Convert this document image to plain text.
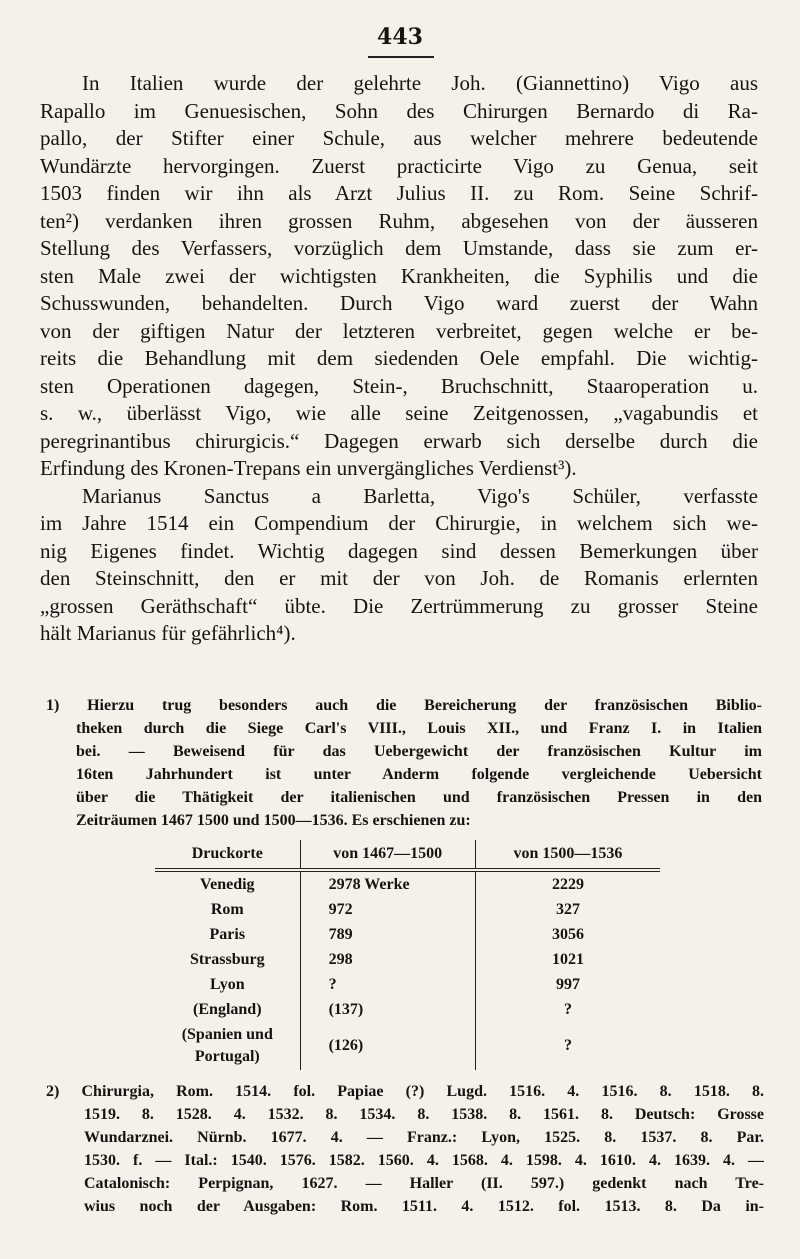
443
In Italien wurde der gelehrte Joh. (Giannettino) Vigo aus
Rapallo im Genuesischen, Sohn des Chirurgen Bernardo di Ra-
pallo, der Stifter einer Schule, aus welcher mehrere bedeutende
Wundärzte hervorgingen. Zuerst practicirte Vigo zu Genua, seit
1503 finden wir ihn als Arzt Julius II. zu Rom. Seine Schrif-
ten²) verdanken ihren grossen Ruhm, abgesehen von der äusseren
Stellung des Verfassers, vorzüglich dem Umstande, dass sie zum er-
sten Male zwei der wichtigsten Krankheiten, die Syphilis und die
Schusswunden, behandelten. Durch Vigo ward zuerst der Wahn
von der giftigen Natur der letzteren verbreitet, gegen welche er be-
reits die Behandlung mit dem siedenden Oele empfahl. Die wichtig-
sten Operationen dagegen, Stein-, Bruchschnitt, Staaroperation u.
s. w., überlässt Vigo, wie alle seine Zeitgenossen, „vagabundis et
peregrinantibus chirurgicis.“ Dagegen erwarb sich derselbe durch die
Erfindung des Kronen-Trepans ein unvergängliches Verdienst³).
Marianus Sanctus a Barletta, Vigo's Schüler, verfasste
im Jahre 1514 ein Compendium der Chirurgie, in welchem sich we-
nig Eigenes findet. Wichtig dagegen sind dessen Bemerkungen über
den Steinschnitt, den er mit der von Joh. de Romanis erlernten
„grossen Geräthschaft“ übte. Die Zertrümmerung zu grosser Steine
hält Marianus für gefährlich⁴).
1) Hierzu trug besonders auch die Bereicherung der französischen Biblio-
theken durch die Siege Carl's VIII., Louis XII., und Franz I. in Italien
bei. — Beweisend für das Uebergewicht der französischen Kultur im
16ten Jahrhundert ist unter Anderm folgende vergleichende Uebersicht
über die Thätigkeit der italienischen und französischen Pressen in den
Zeiträumen 1467 1500 und 1500—1536. Es erschienen zu:
Druckorte	von 1467—1500	von 1500—1536
Venedig	2978 Werke	2229
Rom	972	327
Paris	789	3056
Strassburg	298	1021
Lyon	?	997
(England)	(137)	?
(Spanien und Portugal)	(126)	?
2) Chirurgia, Rom. 1514. fol. Papiae (?) Lugd. 1516. 4. 1516. 8. 1518. 8.
1519. 8. 1528. 4. 1532. 8. 1534. 8. 1538. 8. 1561. 8. Deutsch: Grosse
Wundarznei. Nürnb. 1677. 4. — Franz.: Lyon, 1525. 8. 1537. 8. Par.
1530. f. — Ital.: 1540. 1576. 1582. 1560. 4. 1568. 4. 1598. 4. 1610. 4. 1639. 4. —
Catalonisch: Perpignan, 1627. — Haller (II. 597.) gedenkt nach Tre-
wius noch der Ausgaben: Rom. 1511. 4. 1512. fol. 1513. 8. Da in-
